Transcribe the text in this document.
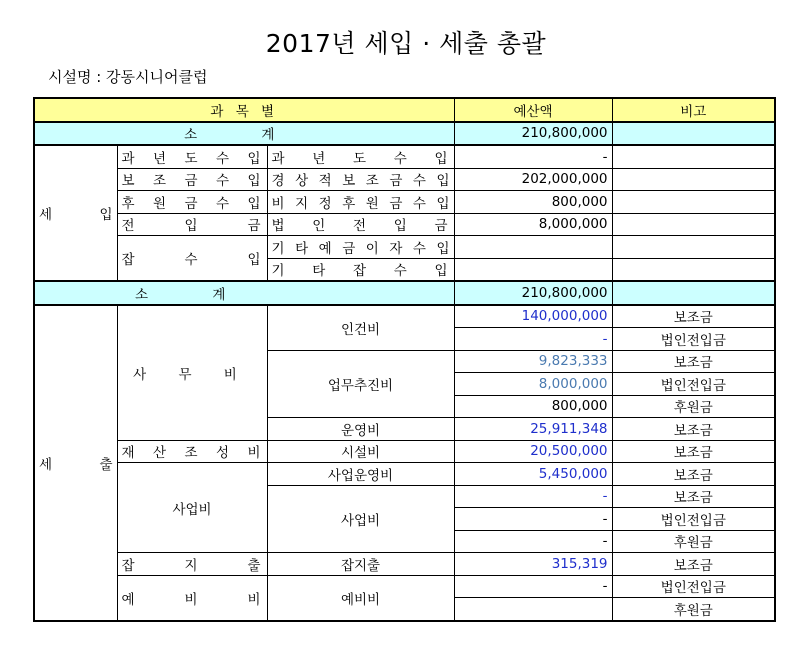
2017년 세입 · 세출 총괄
시설명 : 강동시니어클럽
과 목 별			예산액	비고
소 계			210,800,000	
세 입	과 년 도 수 입	과 년 도 수 입	-	
	보 조 금 수 입	경 상 적 보 조 금 수 입	202,000,000	
	후 원 금 수 입	비 지 정 후 원 금 수 입	800,000	
	전 입 금	법 인 전 입 금	8,000,000	
	잡 수 입	기 타 예 금 이 자 수 입		
		기 타 잡 수 입		
소 계			210,800,000	
세 출	사 무 비	인건비	140,000,000	보조금
			-	법인전입금
		업무추진비	9,823,333	보조금
			8,000,000	법인전입금
			800,000	후원금
		운영비	25,911,348	보조금
	재 산 조 성 비	시설비	20,500,000	보조금
	사업비	사업운영비	5,450,000	보조금
		사업비	-	보조금
			-	법인전입금
			-	후원금
	잡 지 출	잡지출	315,319	보조금
	예 비 비	예비비	-	법인전입금
				후원금
